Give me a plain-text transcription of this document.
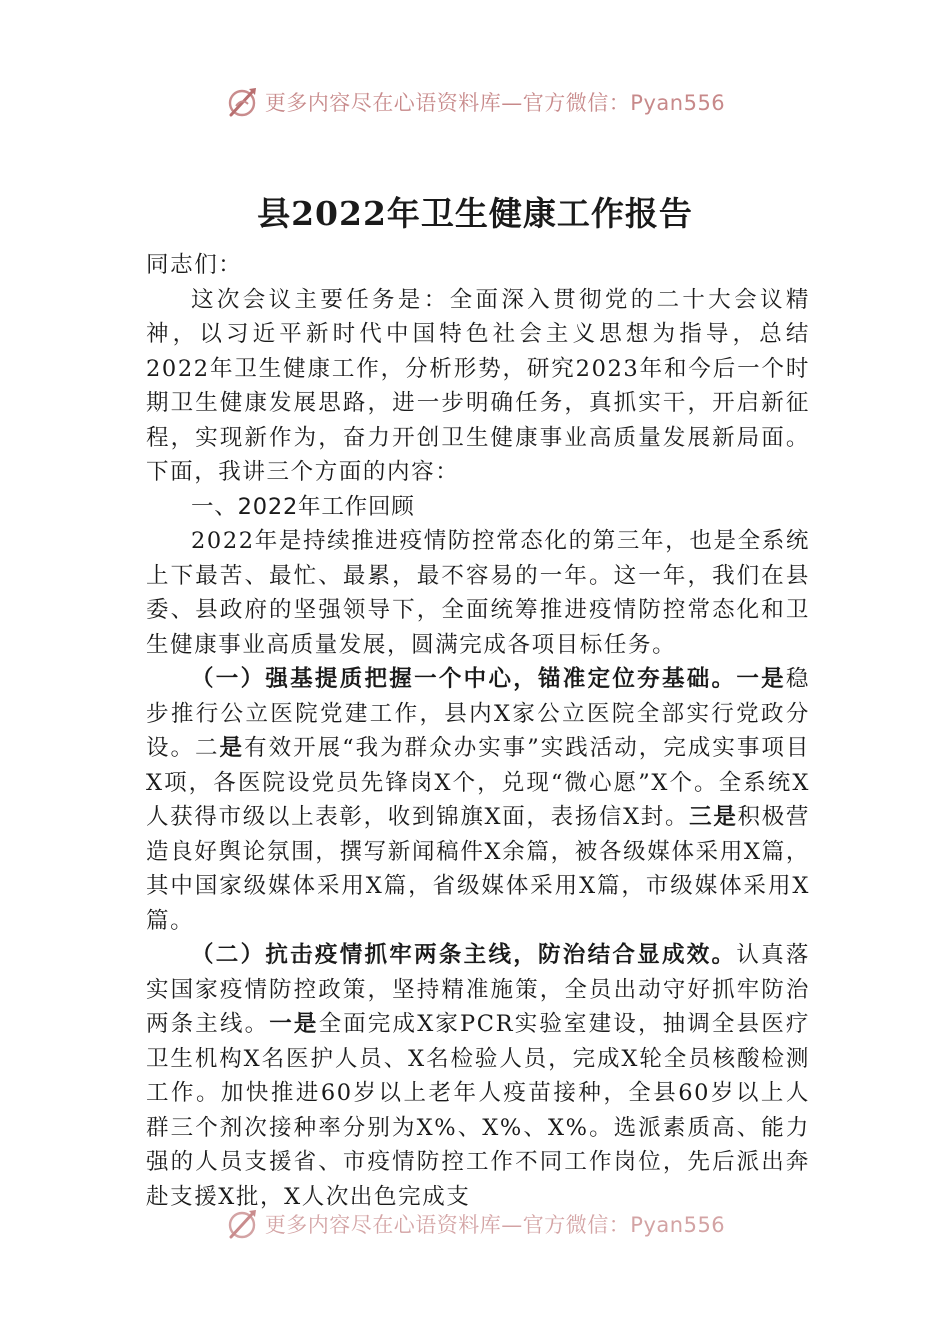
更多内容尽在心语资料库—官方微信：Pyan556
县2022年卫生健康工作报告

同志们：

这次会议主要任务是：全面深入贯彻党的二十大会议精神，以习近平新时代中国特色社会主义思想为指导，总结2022年卫生健康工作，分析形势，研究2023年和今后一个时期卫生健康发展思路，进一步明确任务，真抓实干，开启新征程，实现新作为，奋力开创卫生健康事业高质量发展新局面。下面，我讲三个方面的内容：

一、2022年工作回顾

2022年是持续推进疫情防控常态化的第三年，也是全系统上下最苦、最忙、最累，最不容易的一年。这一年，我们在县委、县政府的坚强领导下，全面统筹推进疫情防控常态化和卫生健康事业高质量发展，圆满完成各项目标任务。

（一）强基提质把握一个中心，锚准定位夯基础。一是稳步推行公立医院党建工作，县内X家公立医院全部实行党政分设。二是有效开展“我为群众办实事”实践活动，完成实事项目X项，各医院设党员先锋岗X个，兑现“微心愿”X个。全系统X人获得市级以上表彰，收到锦旗X面，表扬信X封。三是积极营造良好舆论氛围，撰写新闻稿件X余篇，被各级媒体采用X篇，其中国家级媒体采用X篇，省级媒体采用X篇，市级媒体采用X篇。

（二）抗击疫情抓牢两条主线，防治结合显成效。认真落实国家疫情防控政策，坚持精准施策，全员出动守好抓牢防治两条主线。一是全面完成X家PCR实验室建设，抽调全县医疗卫生机构X名医护人员、X名检验人员，完成X轮全员核酸检测工作。加快推进60岁以上老年人疫苗接种，全县60岁以上人群三个剂次接种率分别为X%、X%、X%。选派素质高、能力强的人员支援省、市疫情防控工作不同工作岗位，先后派出奔赴支援X批，X人次出色完成支

更多内容尽在心语资料库—官方微信：Pyan556
